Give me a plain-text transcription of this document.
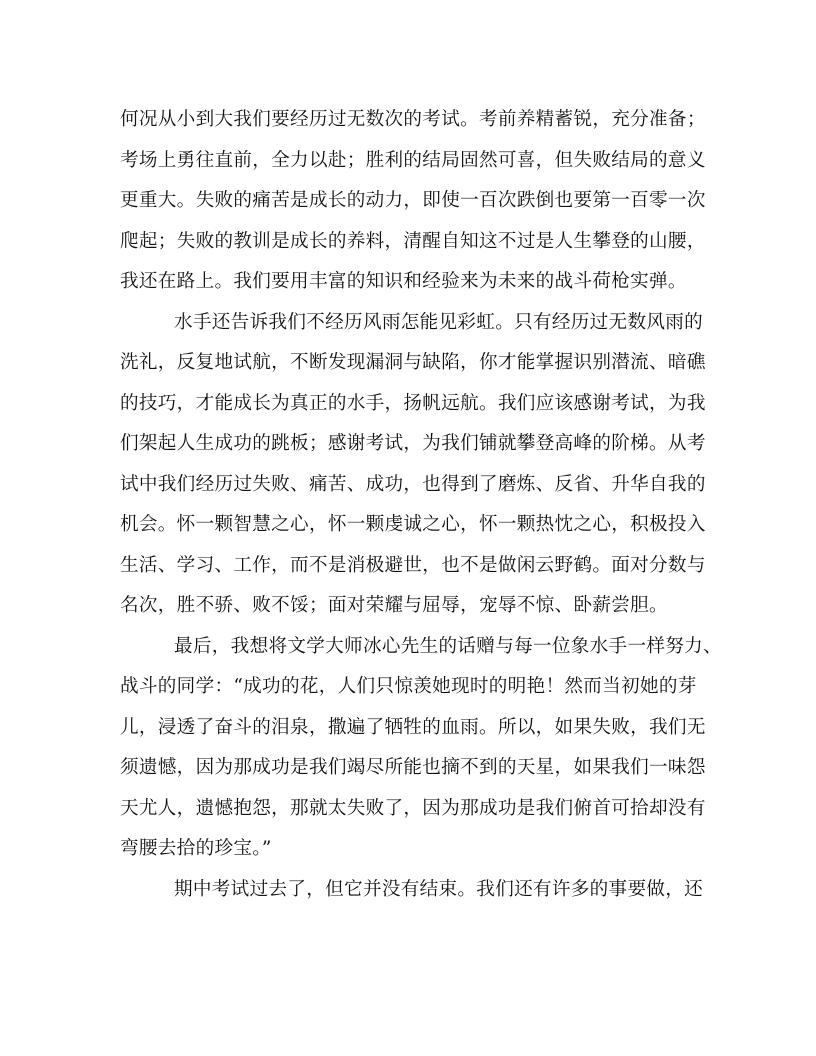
何况从小到大我们要经历过无数次的考试。考前养精蓄锐，充分准备；
考场上勇往直前，全力以赴；胜利的结局固然可喜，但失败结局的意义
更重大。失败的痛苦是成长的动力，即使一百次跌倒也要第一百零一次
爬起；失败的教训是成长的养料，清醒自知这不过是人生攀登的山腰，
我还在路上。我们要用丰富的知识和经验来为未来的战斗荷枪实弹。
水手还告诉我们不经历风雨怎能见彩虹。只有经历过无数风雨的
洗礼，反复地试航，不断发现漏洞与缺陷，你才能掌握识别潜流、暗礁
的技巧，才能成长为真正的水手，扬帆远航。我们应该感谢考试，为我
们架起人生成功的跳板；感谢考试，为我们铺就攀登高峰的阶梯。从考
试中我们经历过失败、痛苦、成功，也得到了磨炼、反省、升华自我的
机会。怀一颗智慧之心，怀一颗虔诚之心，怀一颗热忱之心，积极投入
生活、学习、工作，而不是消极避世，也不是做闲云野鹤。面对分数与
名次，胜不骄、败不馁；面对荣耀与屈辱，宠辱不惊、卧薪尝胆。
最后，我想将文学大师冰心先生的话赠与每一位象水手一样努力、
战斗的同学：“成功的花，人们只惊羡她现时的明艳！然而当初她的芽
儿，浸透了奋斗的泪泉，撒遍了牺牲的血雨。所以，如果失败，我们无
须遗憾，因为那成功是我们竭尽所能也摘不到的天星，如果我们一味怨
天尤人，遗憾抱怨，那就太失败了，因为那成功是我们俯首可拾却没有
弯腰去拾的珍宝。”
期中考试过去了，但它并没有结束。我们还有许多的事要做，还
